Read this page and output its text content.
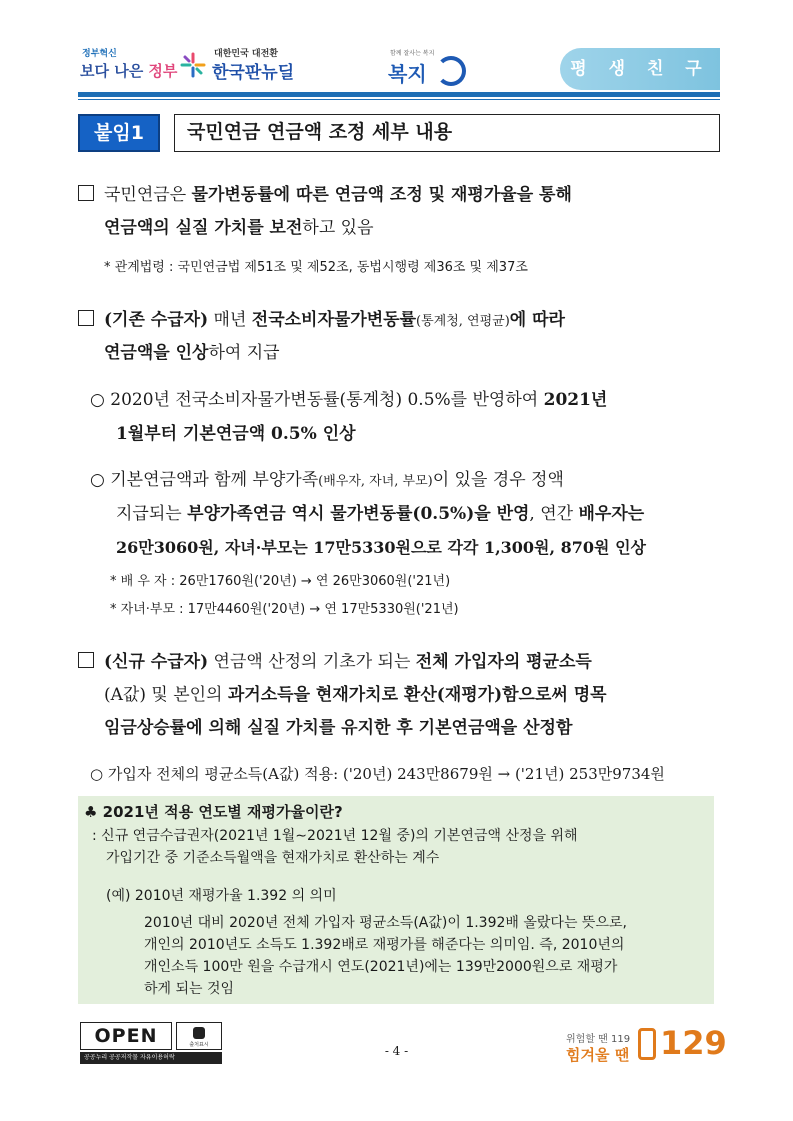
정부혁신
보다 나은 정부
대한민국 대전환
한국판뉴딜
함께 잘사는 복지
복지	평 생 친 구
붙임1	국민연금 연금액 조정 세부 내용
국민연금은 물가변동률에 따른 연금액 조정 및 재평가율을 통해
연금액의 실질 가치를 보전하고 있음
* 관계법령 : 국민연금법 제51조 및 제52조, 동법시행령 제36조 및 제37조
(기존 수급자) 매년 전국소비자물가변동률(통계청, 연평균)에 따라
연금액을 인상하여 지급
○ 2020년 전국소비자물가변동률(통계청) 0.5%를 반영하여 2021년
1월부터 기본연금액 0.5% 인상
○ 기본연금액과 함께 부양가족(배우자, 자녀, 부모)이 있을 경우 정액
지급되는 부양가족연금 역시 물가변동률(0.5%)을 반영, 연간 배우자는
26만3060원, 자녀·부모는 17만5330원으로 각각 1,300원, 870원 인상
* 배 우 자 : 26만1760원('20년) → 연 26만3060원('21년)
* 자녀·부모 : 17만4460원('20년) → 연 17만5330원('21년)
(신규 수급자) 연금액 산정의 기초가 되는 전체 가입자의 평균소득
(A값) 및 본인의 과거소득을 현재가치로 환산(재평가)함으로써 명목
임금상승률에 의해 실질 가치를 유지한 후 기본연금액을 산정함
○ 가입자 전체의 평균소득(A값) 적용: ('20년) 243만8679원 → ('21년) 253만9734원
♣ 2021년 적용 연도별 재평가율이란?
: 신규 연금수급권자(2021년 1월∼2021년 12월 중)의 기본연금액 산정을 위해
가입기간 중 기준소득월액을 현재가치로 환산하는 계수
(예) 2010년 재평가율 1.392 의 의미
2010년 대비 2020년 전체 가입자 평균소득(A값)이 1.392배 올랐다는 뜻으로,
개인의 2010년도 소득도 1.392배로 재평가를 해준다는 의미임. 즉, 2010년의
개인소득 100만 원을 수급개시 연도(2021년)에는 139만2000원으로 재평가
하게 되는 것임
OPEN	출처표시
공공누리 공공저작물 자유이용허락	- 4 -
위험할 땐 119
힘겨울 땐 129
